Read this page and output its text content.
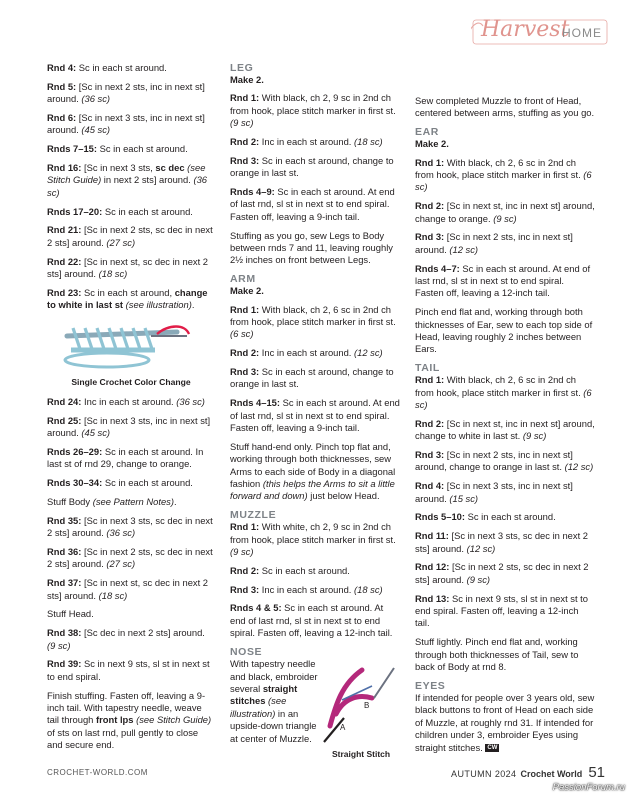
Harvest
HOME

Rnd 4: Sc in each st around.

Rnd 5: [Sc in next 2 sts, inc in next st] around. (36 sc)

Rnd 6: [Sc in next 3 sts, inc in next st] around. (45 sc)

Rnds 7–15: Sc in each st around.

Rnd 16: [Sc in next 3 sts, sc dec (see Stitch Guide) in next 2 sts] around. (36 sc)

Rnds 17–20: Sc in each st around.

Rnd 21: [Sc in next 2 sts, sc dec in next 2 sts] around. (27 sc)

Rnd 22: [Sc in next st, sc dec in next 2 sts] around. (18 sc)

Rnd 23: Sc in each st around, change to white in last st (see illustration).

Single Crochet Color Change

Rnd 24: Inc in each st around. (36 sc)

Rnd 25: [Sc in next 3 sts, inc in next st] around. (45 sc)

Rnds 26–29: Sc in each st around. In last st of rnd 29, change to orange.

Rnds 30–34: Sc in each st around.

Stuff Body (see Pattern Notes).

Rnd 35: [Sc in next 3 sts, sc dec in next 2 sts] around. (36 sc)

Rnd 36: [Sc in next 2 sts, sc dec in next 2 sts] around. (27 sc)

Rnd 37: [Sc in next st, sc dec in next 2 sts] around. (18 sc)

Stuff Head.

Rnd 38: [Sc dec in next 2 sts] around. (9 sc)

Rnd 39: Sc in next 9 sts, sl st in next st to end spiral.

Finish stuffing. Fasten off, leaving a 9-inch tail. With tapestry needle, weave tail through front lps (see Stitch Guide) of sts on last rnd, pull gently to close and secure end.

LEG

Make 2.

Rnd 1: With black, ch 2, 9 sc in 2nd ch from hook, place stitch marker in first st. (9 sc)

Rnd 2: Inc in each st around. (18 sc)

Rnd 3: Sc in each st around, change to orange in last st.

Rnds 4–9: Sc in each st around. At end of last rnd, sl st in next st to end spiral. Fasten off, leaving a 9-inch tail.

Stuffing as you go, sew Legs to Body between rnds 7 and 11, leaving roughly 2½ inches on front between Legs.

ARM

Make 2.

Rnd 1: With black, ch 2, 6 sc in 2nd ch from hook, place stitch marker in first st. (6 sc)

Rnd 2: Inc in each st around. (12 sc)

Rnd 3: Sc in each st around, change to orange in last st.

Rnds 4–15: Sc in each st around. At end of last rnd, sl st in next st to end spiral. Fasten off, leaving a 9-inch tail.

Stuff hand-end only. Pinch top flat and, working through both thicknesses, sew Arms to each side of Body in a diagonal fashion (this helps the Arms to sit a little forward and down) just below Head.

MUZZLE

Rnd 1: With white, ch 2, 9 sc in 2nd ch from hook, place stitch marker in first st. (9 sc)

Rnd 2: Sc in each st around.

Rnd 3: Inc in each st around. (18 sc)

Rnds 4 & 5: Sc in each st around. At end of last rnd, sl st in next st to end spiral. Fasten off, leaving a 12-inch tail.

NOSE

With tapestry needle and black, embroider several straight stitches (see illustration) in an upside-down triangle at center of Muzzle.

B
A
Straight Stitch

Sew completed Muzzle to front of Head, centered between arms, stuffing as you go.

EAR

Make 2.

Rnd 1: With black, ch 2, 6 sc in 2nd ch from hook, place stitch marker in first st. (6 sc)

Rnd 2: [Sc in next st, inc in next st] around, change to orange. (9 sc)

Rnd 3: [Sc in next 2 sts, inc in next st] around. (12 sc)

Rnds 4–7: Sc in each st around. At end of last rnd, sl st in next st to end spiral. Fasten off, leaving a 12-inch tail.

Pinch end flat and, working through both thicknesses of Ear, sew to each top side of Head, leaving roughly 2 inches between Ears.

TAIL

Rnd 1: With black, ch 2, 6 sc in 2nd ch from hook, place stitch marker in first st. (6 sc)

Rnd 2: [Sc in next st, inc in next st] around, change to white in last st. (9 sc)

Rnd 3: [Sc in next 2 sts, inc in next st] around, change to orange in last st. (12 sc)

Rnd 4: [Sc in next 3 sts, inc in next st] around. (15 sc)

Rnds 5–10: Sc in each st around.

Rnd 11: [Sc in next 3 sts, sc dec in next 2 sts] around. (12 sc)

Rnd 12: [Sc in next 2 sts, sc dec in next 2 sts] around. (9 sc)

Rnd 13: Sc in next 9 sts, sl st in next st to end spiral. Fasten off, leaving a 12-inch tail.

Stuff lightly. Pinch end flat and, working through both thicknesses of Tail, sew to back of Body at rnd 8.

EYES

If intended for people over 3 years old, sew black buttons to front of Head on each side of Muzzle, at roughly rnd 31. If intended for children under 3, embroider Eyes using straight stitches. CW

CROCHET-WORLD.COM	AUTUMN 2024 Crochet World 51
PassionForum.ru
